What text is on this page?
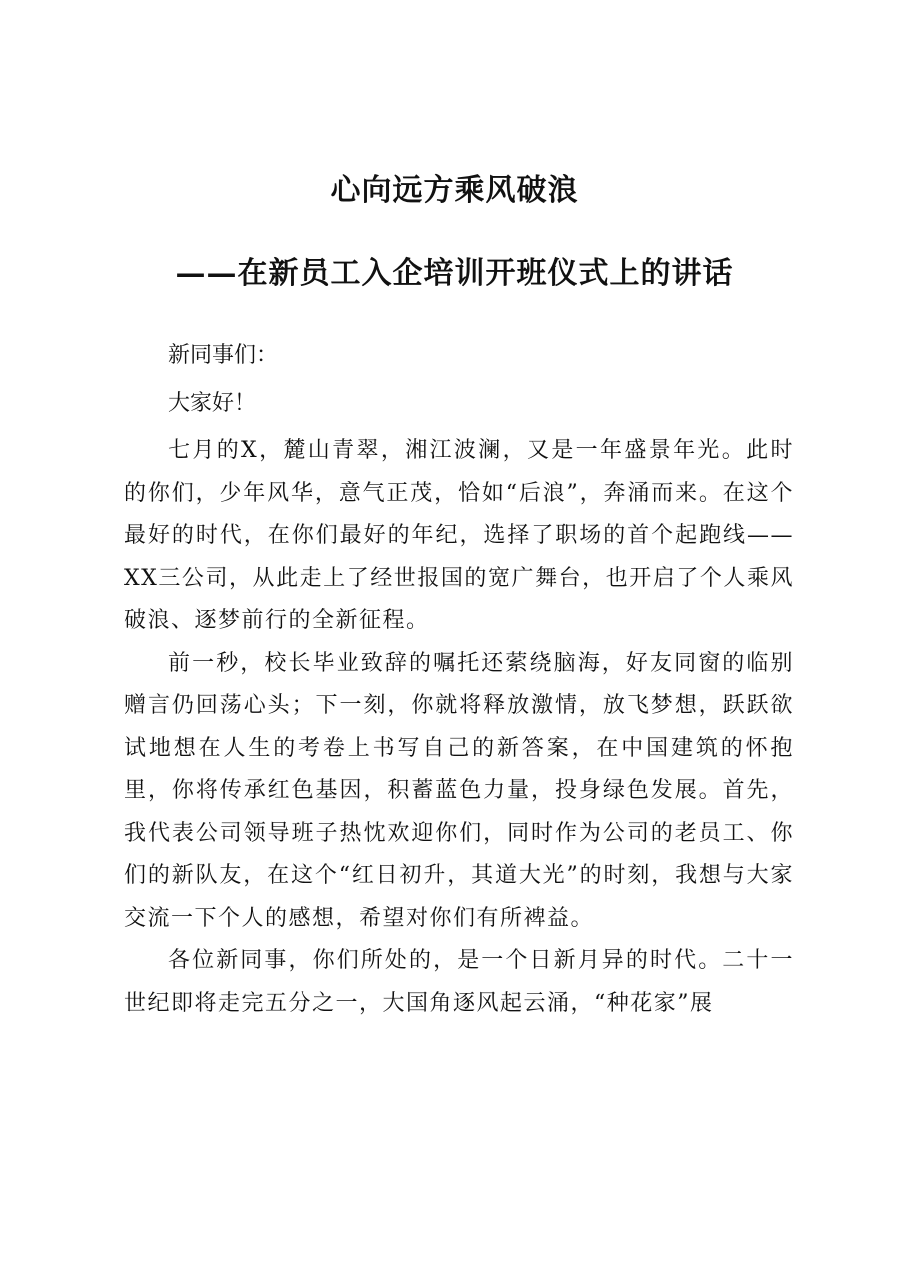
心向远方乘风破浪
——在新员工入企培训开班仪式上的讲话

新同事们：

大家好！

七月的X，麓山青翠，湘江波澜，又是一年盛景年光。此时的你们，少年风华，意气正茂，恰如“后浪”，奔涌而来。在这个最好的时代，在你们最好的年纪，选择了职场的首个起跑线——XX三公司，从此走上了经世报国的宽广舞台，也开启了个人乘风破浪、逐梦前行的全新征程。

前一秒，校长毕业致辞的嘱托还萦绕脑海，好友同窗的临别赠言仍回荡心头；下一刻，你就将释放激情，放飞梦想，跃跃欲试地想在人生的考卷上书写自己的新答案，在中国建筑的怀抱里，你将传承红色基因，积蓄蓝色力量，投身绿色发展。首先，我代表公司领导班子热忱欢迎你们，同时作为公司的老员工、你们的新队友，在这个“红日初升，其道大光”的时刻，我想与大家交流一下个人的感想，希望对你们有所裨益。

各位新同事，你们所处的，是一个日新月异的时代。二十一世纪即将走完五分之一，大国角逐风起云涌，“种花家”展
